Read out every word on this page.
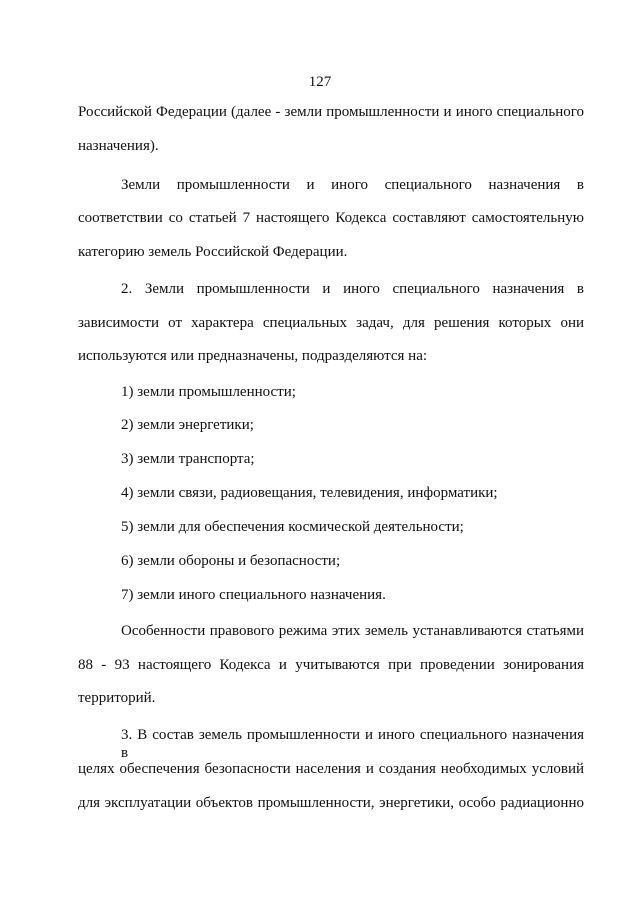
127
Российской Федерации (далее - земли промышленности и иного специального
назначения).
Земли промышленности и иного специального назначения в
соответствии со статьей 7 настоящего Кодекса составляют самостоятельную
категорию земель Российской Федерации.
2. Земли промышленности и иного специального назначения в
зависимости от характера специальных задач, для решения которых они
используются или предназначены, подразделяются на:
1) земли промышленности;
2) земли энергетики;
3) земли транспорта;
4) земли связи, радиовещания, телевидения, информатики;
5) земли для обеспечения космической деятельности;
6) земли обороны и безопасности;
7) земли иного специального назначения.
Особенности правового режима этих земель устанавливаются статьями
88 - 93 настоящего Кодекса и учитываются при проведении зонирования
территорий.
3. В состав земель промышленности и иного специального назначения в
целях обеспечения безопасности населения и создания необходимых условий
для эксплуатации объектов промышленности, энергетики, особо радиационно
